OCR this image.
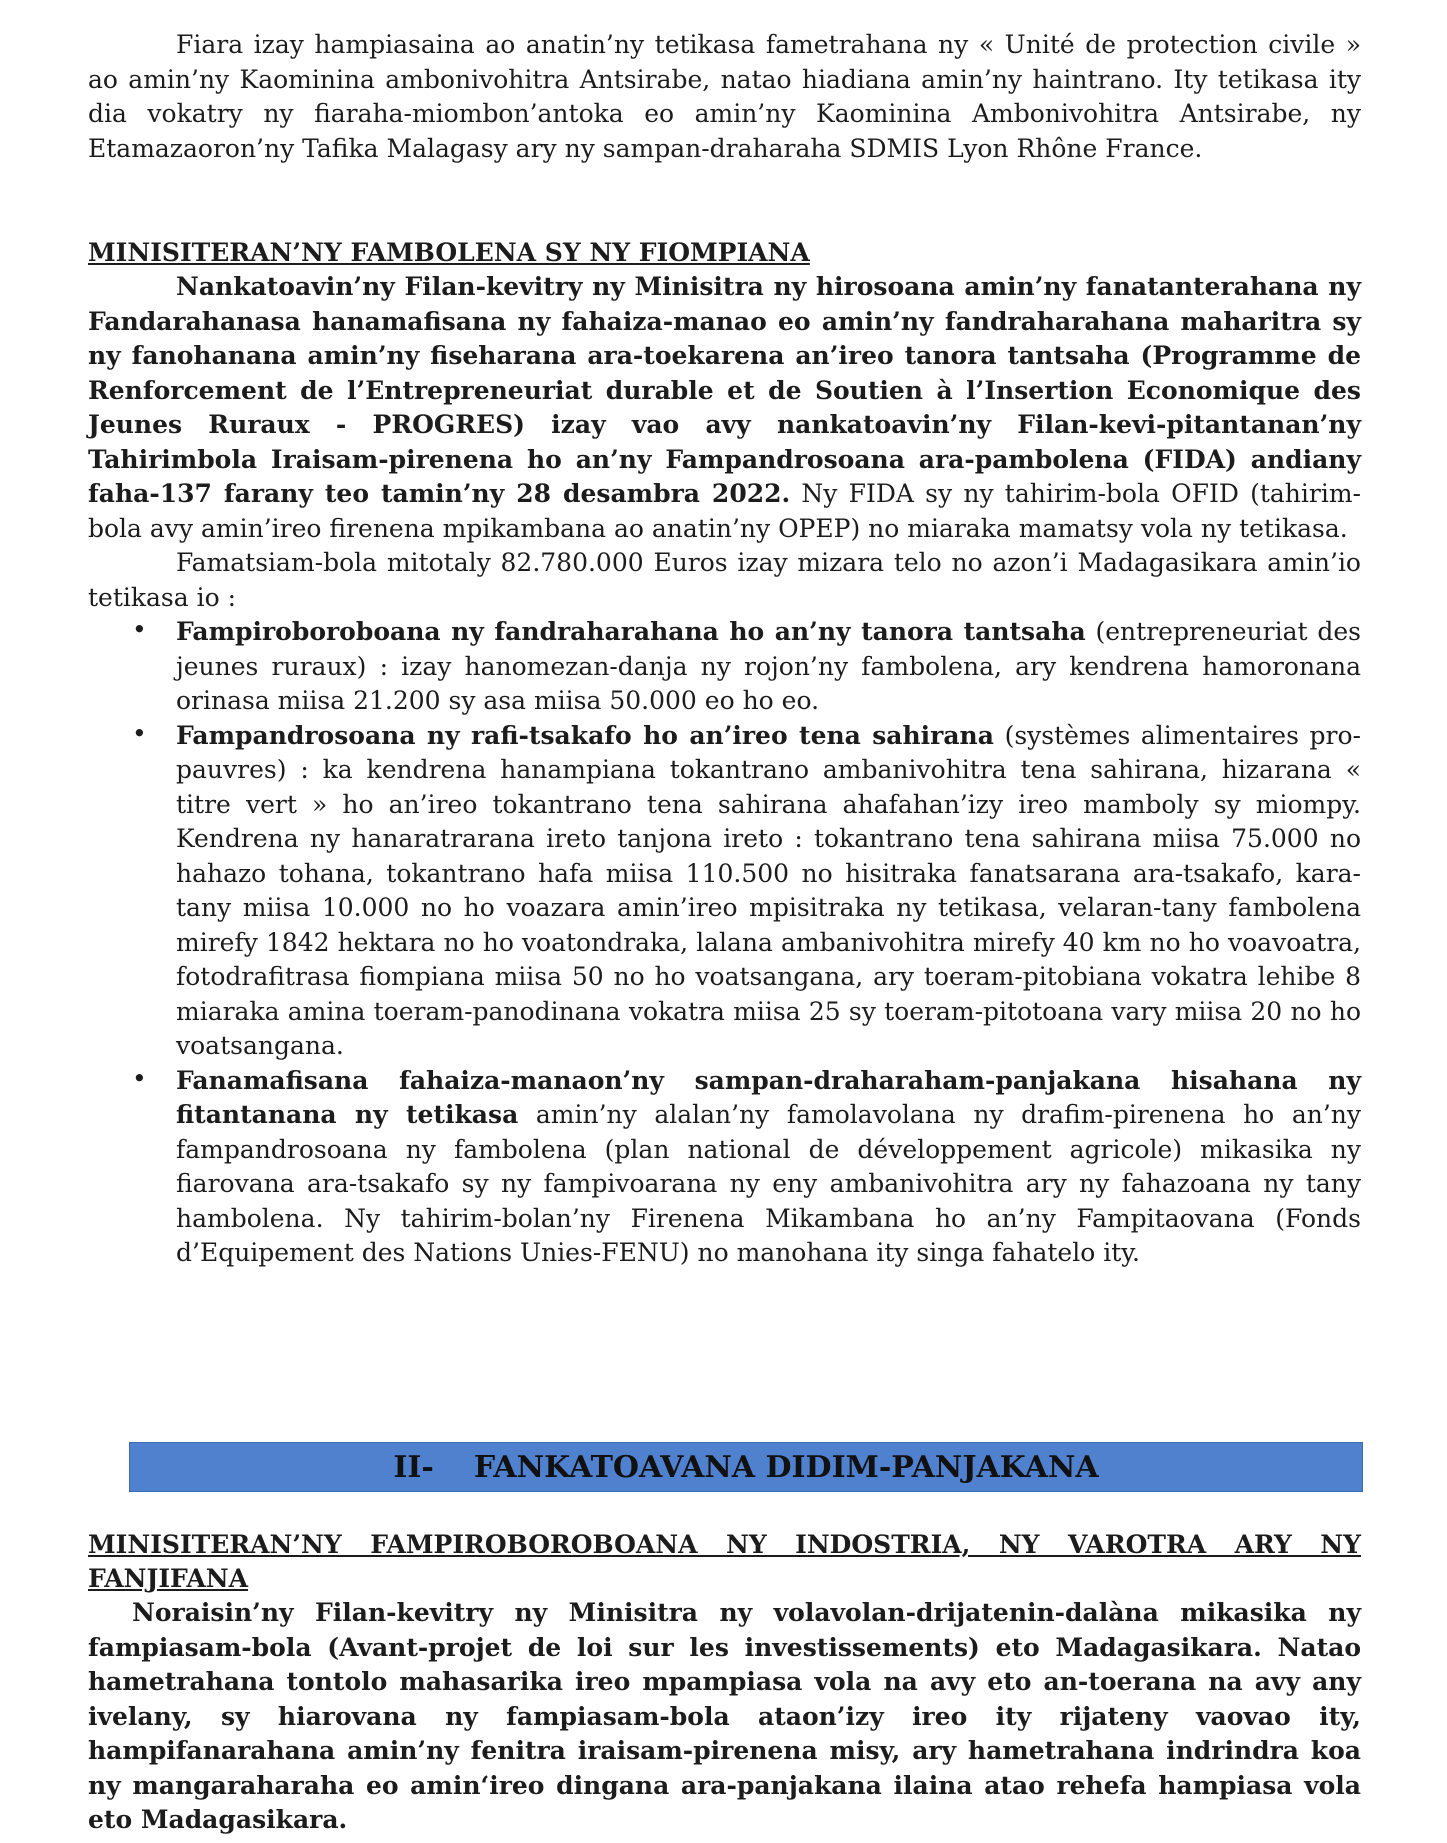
Fiara izay hampiasaina ao anatin’ny tetikasa fametrahana ny « Unité de protection civile » ao amin’ny Kaominina ambonivohitra Antsirabe, natao hiadiana amin’ny haintrano. Ity tetikasa ity dia vokatry ny fiaraha-miombon’antoka eo amin’ny Kaominina Ambonivohitra Antsirabe, ny Etamazaoron’ny Tafika Malagasy ary ny sampan-draharaha SDMIS Lyon Rhône France.

MINISITERAN’NY FAMBOLENA SY NY FIOMPIANA

Nankatoavin’ny Filan-kevitry ny Minisitra ny hirosoana amin’ny fanatanterahana ny Fandarahanasa hanamafisana ny fahaiza-manao eo amin’ny fandraharahana maharitra sy ny fanohanana amin’ny fiseharana ara-toekarena an’ireo tanora tantsaha (Programme de Renforcement de l’Entrepreneuriat durable et de Soutien à l’Insertion Economique des Jeunes Ruraux - PROGRES) izay vao avy nankatoavin’ny Filan-kevi-pitantanan’ny Tahirimbola Iraisam-pirenena ho an’ny Fampandrosoana ara-pambolena (FIDA) andiany faha-137 farany teo tamin’ny 28 desambra 2022. Ny FIDA sy ny tahirim-bola OFID (tahirim-bola avy amin’ireo firenena mpikambana ao anatin’ny OPEP) no miaraka mamatsy vola ny tetikasa.

Famatsiam-bola mitotaly 82.780.000 Euros izay mizara telo no azon’i Madagasikara amin’io tetikasa io :

• Fampiroboroboana ny fandraharahana ho an’ny tanora tantsaha (entrepreneuriat des jeunes ruraux) : izay hanomezan-danja ny rojon’ny fambolena, ary kendrena hamoronana orinasa miisa 21.200 sy asa miisa 50.000 eo ho eo.

• Fampandrosoana ny rafi-tsakafo ho an’ireo tena sahirana (systèmes alimentaires pro-pauvres) : ka kendrena hanampiana tokantrano ambanivohitra tena sahirana, hizarana « titre vert » ho an’ireo tokantrano tena sahirana ahafahan’izy ireo mamboly sy miompy. Kendrena ny hanaratrarana ireto tanjona ireto : tokantrano tena sahirana miisa 75.000 no hahazo tohana, tokantrano hafa miisa 110.500 no hisitraka fanatsarana ara-tsakafo, kara-tany miisa 10.000 no ho voazara amin’ireo mpisitraka ny tetikasa, velaran-tany fambolena mirefy 1842 hektara no ho voatondraka, lalana ambanivohitra mirefy 40 km no ho voavoatra, fotodrafitrasa fiompiana miisa 50 no ho voatsangana, ary toeram-pitobiana vokatra lehibe 8 miaraka amina toeram-panodinana vokatra miisa 25 sy toeram-pitotoana vary miisa 20 no ho voatsangana.

• Fanamafisana fahaiza-manaon’ny sampan-draharaham-panjakana hisahana ny fitantanana ny tetikasa amin’ny alalan’ny famolavolana ny drafim-pirenena ho an’ny fampandrosoana ny fambolena (plan national de développement agricole) mikasika ny fiarovana ara-tsakafo sy ny fampivoarana ny eny ambanivohitra ary ny fahazoana ny tany hambolena. Ny tahirim-bolan’ny Firenena Mikambana ho an’ny Fampitaovana (Fonds d’Equipement des Nations Unies-FENU) no manohana ity singa fahatelo ity.

II- FANKATOAVANA DIDIM-PANJAKANA
MINISITERAN’NY FAMPIROBOROBOANA NY INDOSTRIA, NY VAROTRA ARY NY FANJIFANA

Noraisin’ny Filan-kevitry ny Minisitra ny volavolan-drijatenin-dalàna mikasika ny fampiasam-bola (Avant-projet de loi sur les investissements) eto Madagasikara. Natao hametrahana tontolo mahasarika ireo mpampiasa vola na avy eto an-toerana na avy any ivelany, sy hiarovana ny fampiasam-bola ataon’izy ireo ity rijateny vaovao ity, hampifanarahana amin’ny fenitra iraisam-pirenena misy, ary hametrahana indrindra koa ny mangaraharaha eo amin‘ireo dingana ara-panjakana ilaina atao rehefa hampiasa vola eto Madagasikara.
